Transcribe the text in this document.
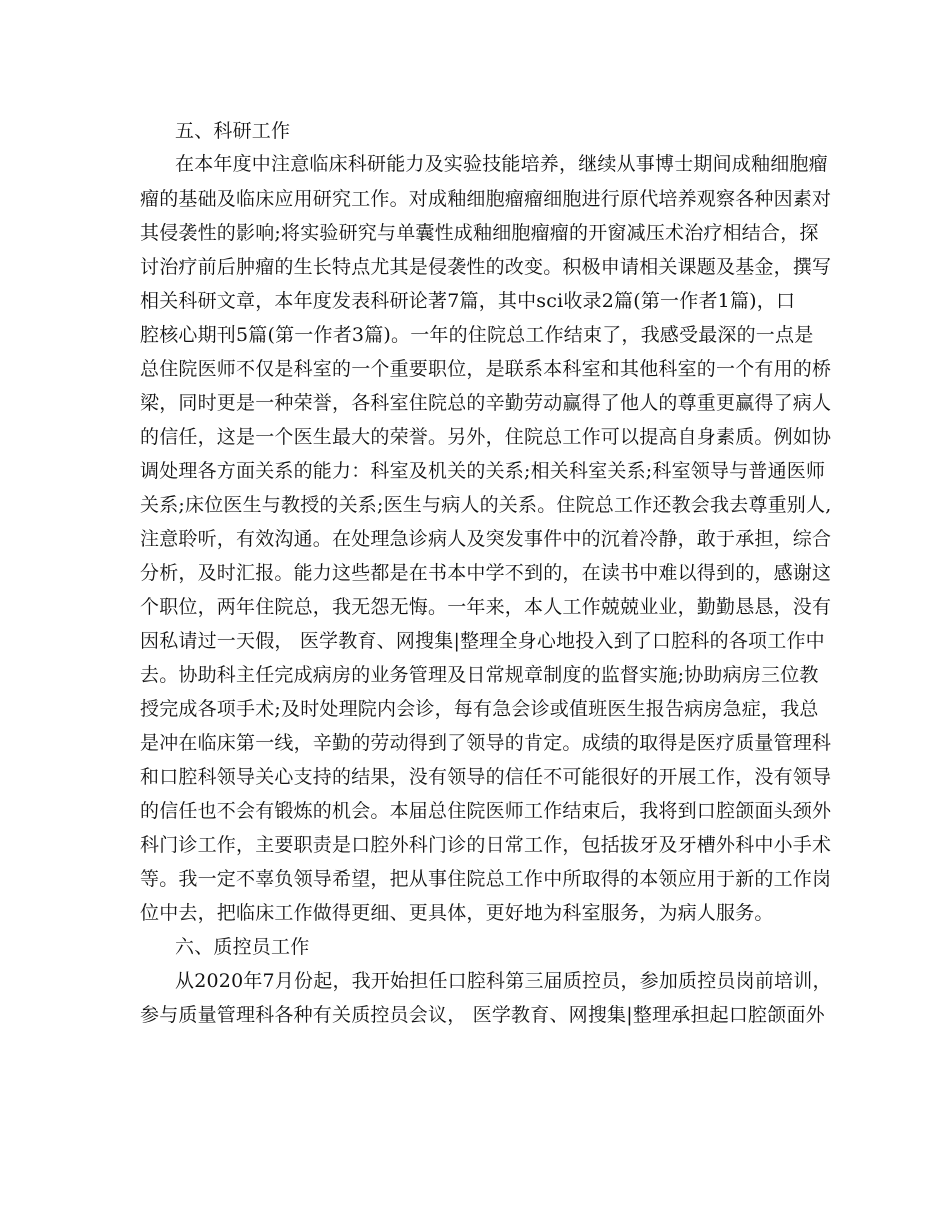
五、科研工作
在本年度中注意临床科研能力及实验技能培养，继续从事博士期间成釉细胞瘤
瘤的基础及临床应用研究工作。对成釉细胞瘤瘤细胞进行原代培养观察各种因素对
其侵袭性的影响;将实验研究与单囊性成釉细胞瘤瘤的开窗减压术治疗相结合，探
讨治疗前后肿瘤的生长特点尤其是侵袭性的改变。积极申请相关课题及基金，撰写
相关科研文章，本年度发表科研论著7篇，其中sci收录2篇(第一作者1篇)，口
腔核心期刊5篇(第一作者3篇)。一年的住院总工作结束了，我感受最深的一点是
总住院医师不仅是科室的一个重要职位，是联系本科室和其他科室的一个有用的桥
梁，同时更是一种荣誉，各科室住院总的辛勤劳动赢得了他人的尊重更赢得了病人
的信任，这是一个医生最大的荣誉。另外，住院总工作可以提高自身素质。例如协
调处理各方面关系的能力：科室及机关的关系;相关科室关系;科室领导与普通医师
关系;床位医生与教授的关系;医生与病人的关系。住院总工作还教会我去尊重别人,
注意聆听，有效沟通。在处理急诊病人及突发事件中的沉着冷静，敢于承担，综合
分析，及时汇报。能力这些都是在书本中学不到的，在读书中难以得到的，感谢这
个职位，两年住院总，我无怨无悔。一年来，本人工作兢兢业业，勤勤恳恳，没有
因私请过一天假， 医学教育、网搜集|整理全身心地投入到了口腔科的各项工作中
去。协助科主任完成病房的业务管理及日常规章制度的监督实施;协助病房三位教
授完成各项手术;及时处理院内会诊，每有急会诊或值班医生报告病房急症，我总
是冲在临床第一线，辛勤的劳动得到了领导的肯定。成绩的取得是医疗质量管理科
和口腔科领导关心支持的结果，没有领导的信任不可能很好的开展工作，没有领导
的信任也不会有锻炼的机会。本届总住院医师工作结束后，我将到口腔颌面头颈外
科门诊工作，主要职责是口腔外科门诊的日常工作，包括拔牙及牙槽外科中小手术
等。我一定不辜负领导希望，把从事住院总工作中所取得的本领应用于新的工作岗
位中去，把临床工作做得更细、更具体，更好地为科室服务，为病人服务。
六、质控员工作
从2020年7月份起，我开始担任口腔科第三届质控员，参加质控员岗前培训，
参与质量管理科各种有关质控员会议， 医学教育、网搜集|整理承担起口腔颌面外
